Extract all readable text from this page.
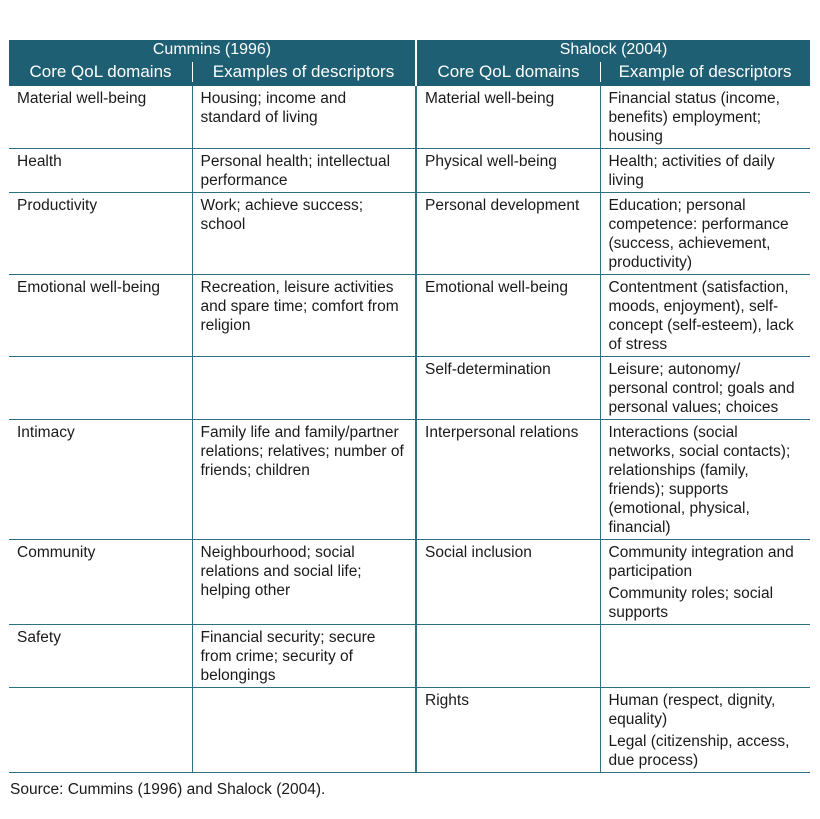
Cummins (1996)		Shalock (2004)	
Core QoL domains	Examples of descriptors	Core QoL domains	Example of descriptors
Material well-being	Housing; income and standard of living	Material well-being	Financial status (income, benefits) employment; housing
Health	Personal health; intellectual performance	Physical well-being	Health; activities of daily living
Productivity	Work; achieve success; school	Personal development	Education; personal competence: performance (success, achievement, productivity)
Emotional well-being	Recreation, leisure activities and spare time; comfort from religion	Emotional well-being	Contentment (satisfaction, moods, enjoyment), self-concept (self-esteem), lack of stress
		Self-determination	Leisure; autonomy/ personal control; goals and personal values; choices
Intimacy	Family life and family/partner relations; relatives; number of friends; children	Interpersonal relations	Interactions (social networks, social contacts); relationships (family, friends); supports (emotional, physical, financial)
Community	Neighbourhood; social relations and social life; helping other	Social inclusion	Community integration and participation
Community roles; social supports

Safety	Financial security; secure from crime; security of belongings		
		Rights	Human (respect, dignity, equality)
Legal (citizenship, access, due process)
Source: Cummins (1996) and Shalock (2004).
